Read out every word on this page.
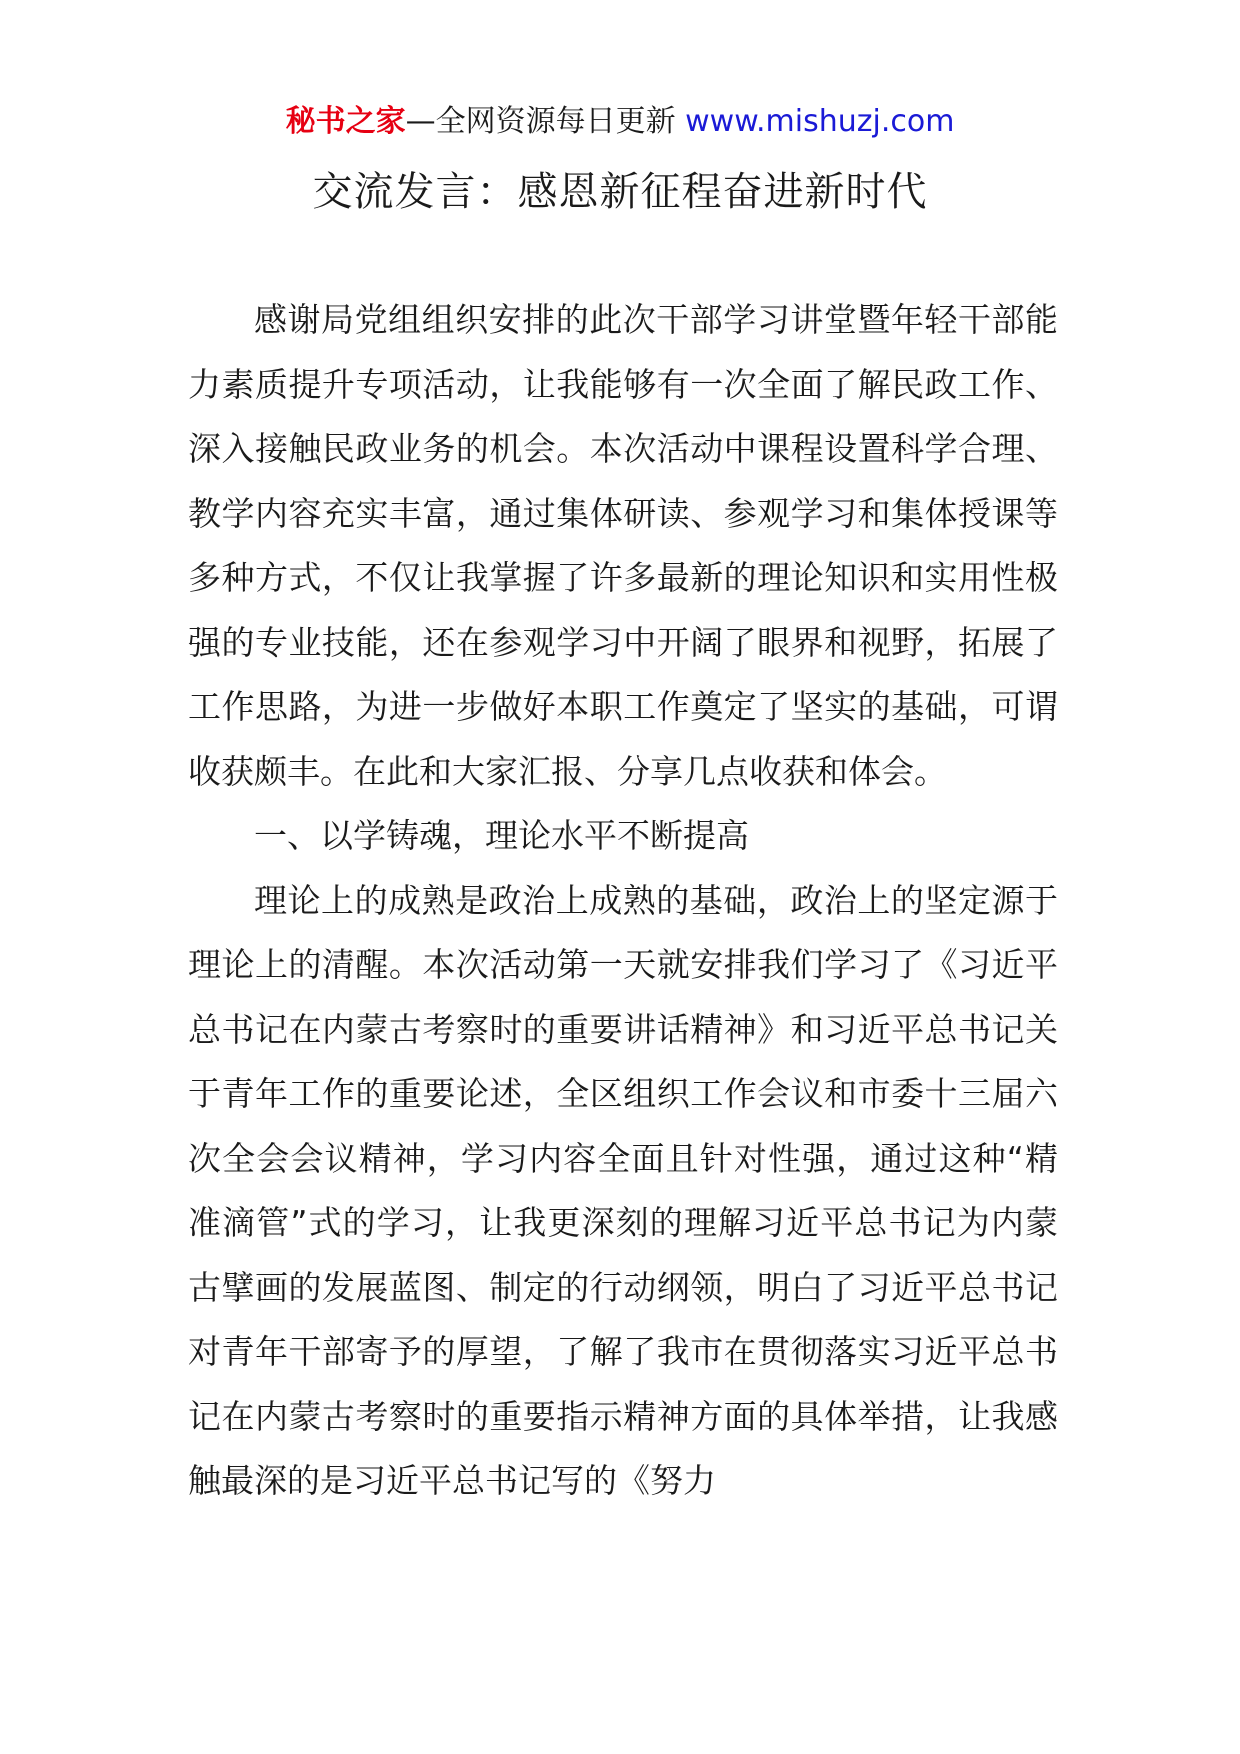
秘书之家—全网资源每日更新 www.mishuzj.com
交流发言：感恩新征程奋进新时代

感谢局党组组织安排的此次干部学习讲堂暨年轻干部能力素质提升专项活动，让我能够有一次全面了解民政工作、深入接触民政业务的机会。本次活动中课程设置科学合理、教学内容充实丰富，通过集体研读、参观学习和集体授课等多种方式，不仅让我掌握了许多最新的理论知识和实用性极强的专业技能，还在参观学习中开阔了眼界和视野，拓展了工作思路，为进一步做好本职工作奠定了坚实的基础，可谓收获颇丰。在此和大家汇报、分享几点收获和体会。

一、以学铸魂，理论水平不断提高

理论上的成熟是政治上成熟的基础，政治上的坚定源于理论上的清醒。本次活动第一天就安排我们学习了《习近平总书记在内蒙古考察时的重要讲话精神》和习近平总书记关于青年工作的重要论述，全区组织工作会议和市委十三届六次全会会议精神，学习内容全面且针对性强，通过这种“精准滴管”式的学习，让我更深刻的理解习近平总书记为内蒙古擘画的发展蓝图、制定的行动纲领，明白了习近平总书记对青年干部寄予的厚望，了解了我市在贯彻落实习近平总书记在内蒙古考察时的重要指示精神方面的具体举措，让我感触最深的是习近平总书记写的《努力
